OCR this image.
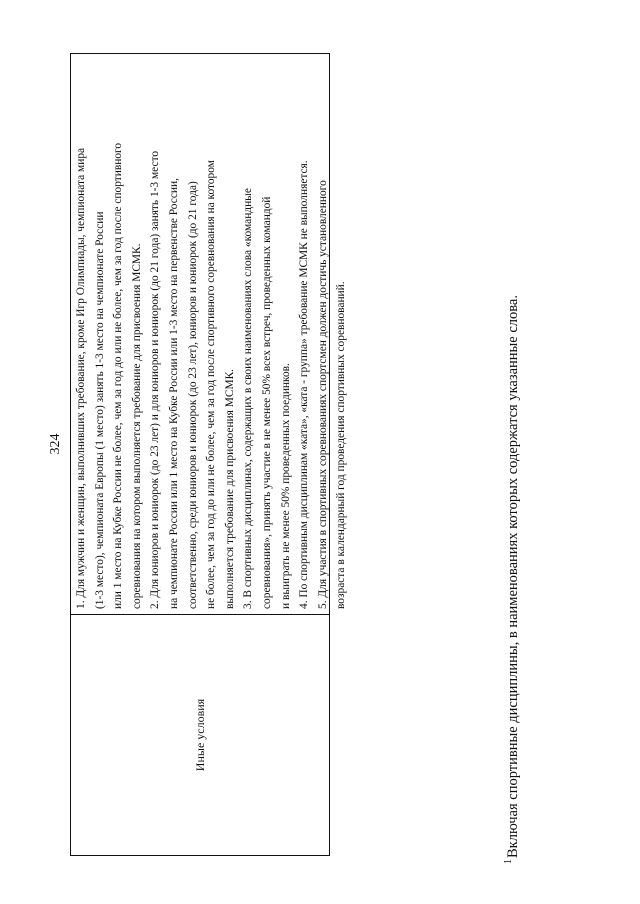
324
Иные условия

1. Для мужчин и женщин, выполнивших требование, кроме Игр Олимпиады, чемпионата мира (1-3 место), чемпионата Европы (1 место) занять 1-3 место на чемпионате России или 1 место на Кубке России не более, чем за год до или не более, чем за год после спортивного соревнования на котором выполняется требование для присвоения МСМК. 2. Для юниоров и юниорок (до 23 лет) и для юниоров и юниорок (до 21 года) занять 1-3 место на чемпионате России или 1 место на Кубке России или 1-3 место на первенстве России, соответственно, среди юниоров и юниорок (до 23 лет), юниоров и юниорок (до 21 года) не более, чем за год до или не более, чем за год после спортивного соревнования на котором выполняется требование для присвоения МСМК. 3. В спортивных дисциплинах, содержащих в своих наименованиях слова «командные соревнования», принять участие в не менее 50% всех встреч, проведенных командой и выиграть не менее 50% проведенных поединков. 4. По спортивным дисциплинам «ката», «ката - группа» требование МСМК не выполняется. 5. Для участия в спортивных соревнованиях спортсмен должен достичь установленного возраста в календарный год проведения спортивных соревнований.

$^1$Включая спортивные дисциплины, в наименованиях которых содержатся указанные слова.
